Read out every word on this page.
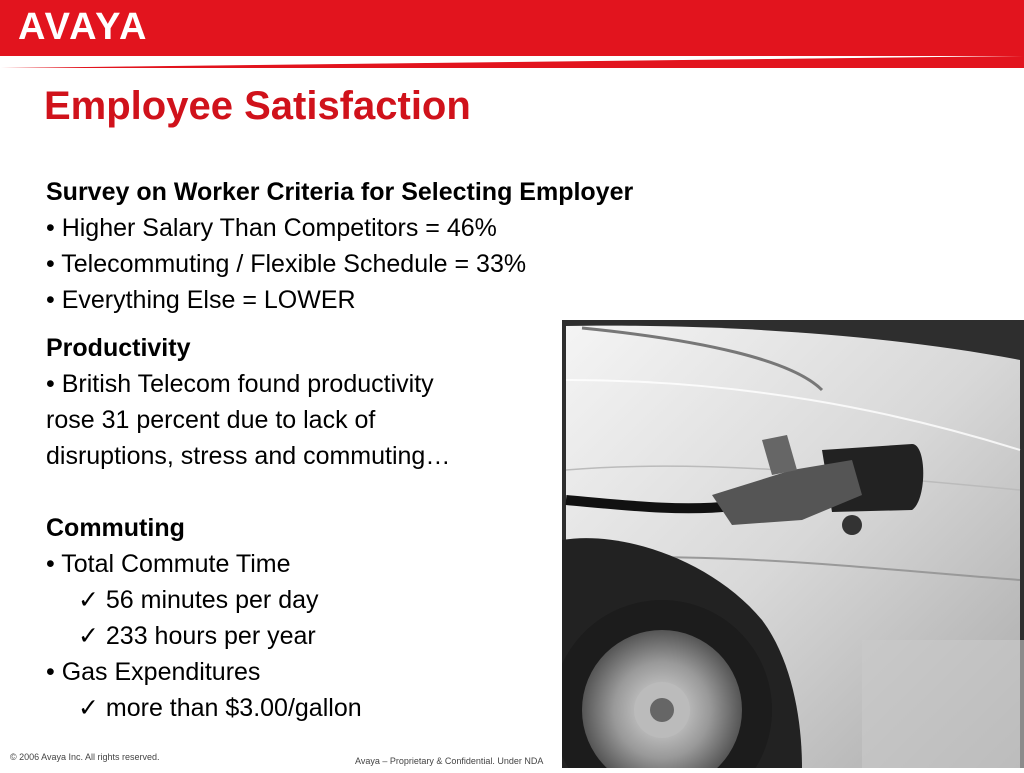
AVAYA
Employee Satisfaction
Survey on Worker Criteria for Selecting Employer
• Higher Salary Than Competitors = 46%
• Telecommuting / Flexible Schedule = 33%
• Everything Else = LOWER
Productivity
• British Telecom found productivity
rose 31 percent due to lack of
disruptions, stress and commuting…
Commuting
• Total Commute Time
✓ 56 minutes per day
✓ 233 hours per year
• Gas Expenditures
✓ more than $3.00/gallon
© 2006 Avaya Inc. All rights reserved.	Avaya – Proprietary & Confidential. Under NDA
